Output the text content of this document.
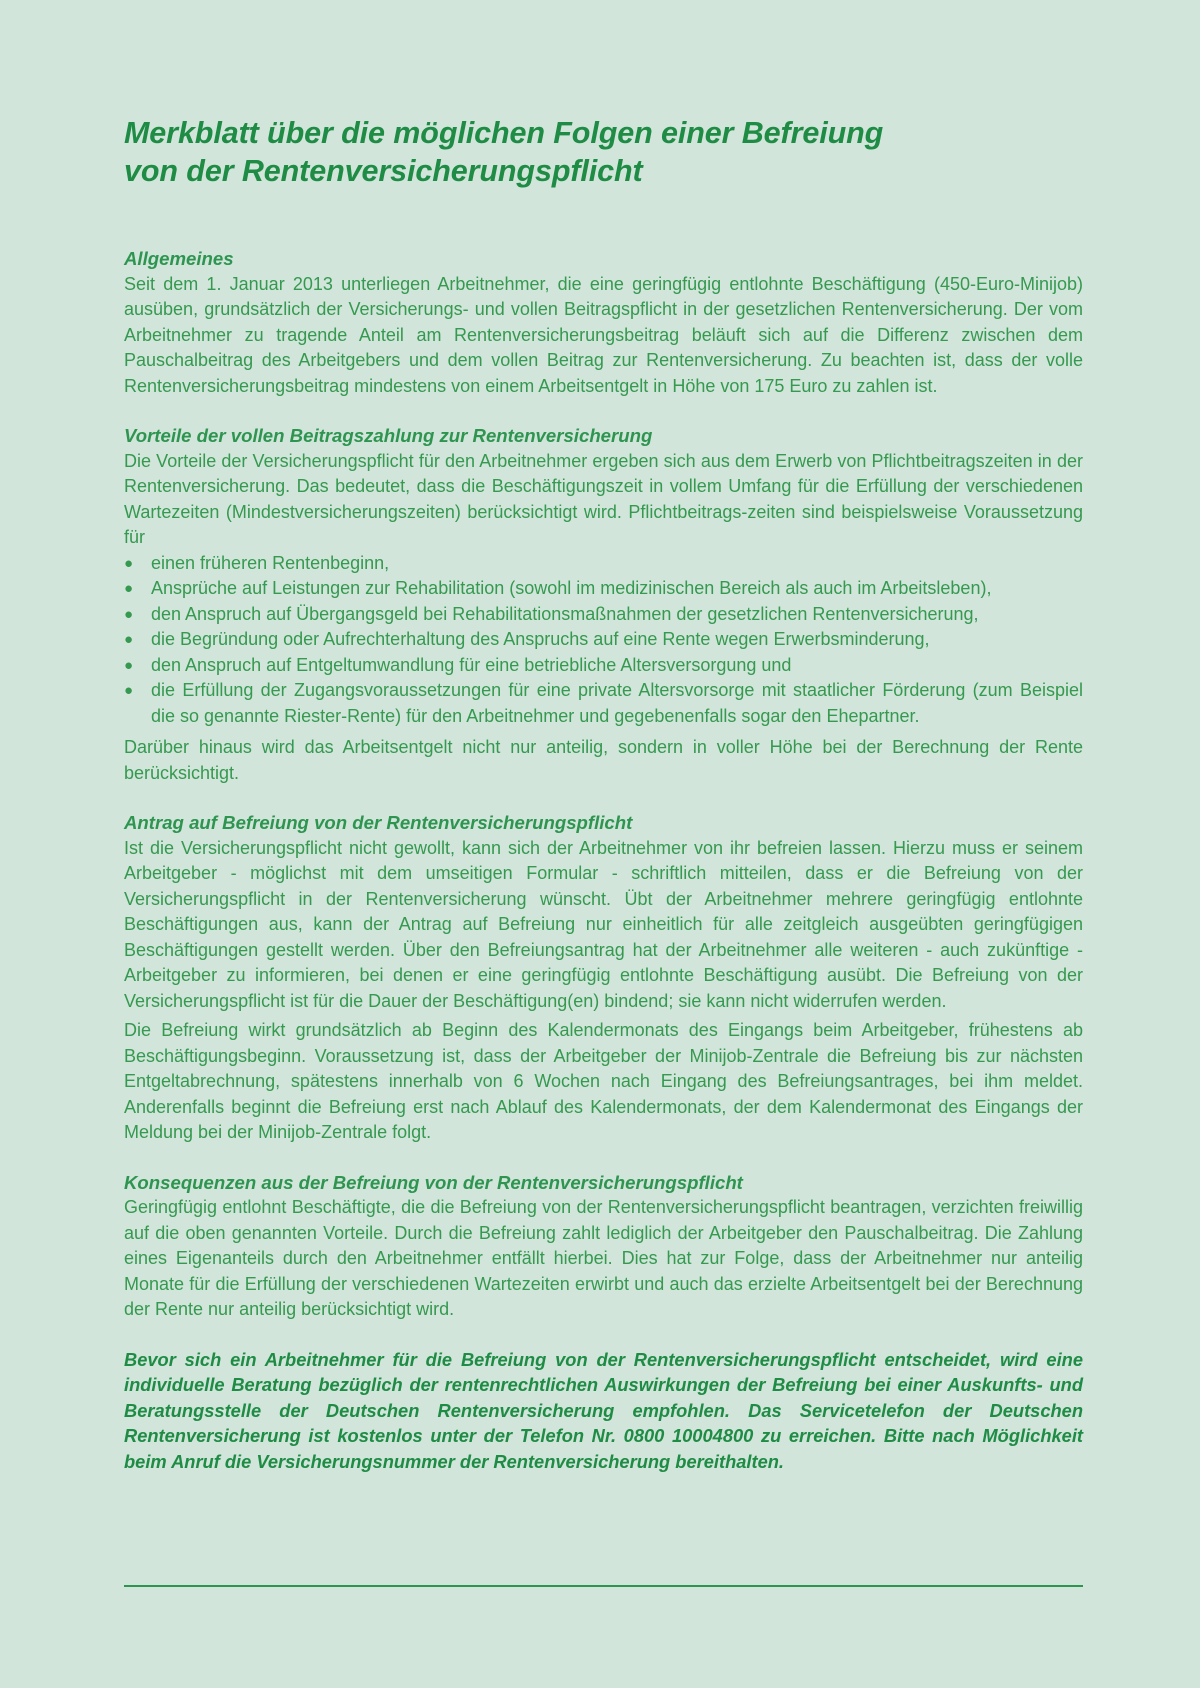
Merkblatt über die möglichen Folgen einer Befreiung
von der Rentenversicherungspflicht
Allgemeines

Seit dem 1. Januar 2013 unterliegen Arbeitnehmer, die eine geringfügig entlohnte Beschäftigung (450-Euro-Minijob) ausüben, grundsätzlich der Versicherungs- und vollen Beitragspflicht in der gesetzlichen Rentenversicherung. Der vom Arbeitnehmer zu tragende Anteil am Rentenversicherungsbeitrag beläuft sich auf die Differenz zwischen dem Pauschalbeitrag des Arbeitgebers und dem vollen Beitrag zur Rentenversicherung. Zu beachten ist, dass der volle Rentenversicherungsbeitrag mindestens von einem Arbeitsentgelt in Höhe von 175 Euro zu zahlen ist.

Vorteile der vollen Beitragszahlung zur Rentenversicherung

Die Vorteile der Versicherungspflicht für den Arbeitnehmer ergeben sich aus dem Erwerb von Pflichtbeitragszeiten in der Rentenversicherung. Das bedeutet, dass die Beschäftigungszeit in vollem Umfang für die Erfüllung der verschiedenen Wartezeiten (Mindestversicherungszeiten) berücksichtigt wird. Pflichtbeitrags-zeiten sind beispielsweise Voraussetzung für

● einen früheren Rentenbeginn,
● Ansprüche auf Leistungen zur Rehabilitation (sowohl im medizinischen Bereich als auch im Arbeitsleben),
● den Anspruch auf Übergangsgeld bei Rehabilitationsmaßnahmen der gesetzlichen Rentenversicherung,
● die Begründung oder Aufrechterhaltung des Anspruchs auf eine Rente wegen Erwerbsminderung,
● den Anspruch auf Entgeltumwandlung für eine betriebliche Altersversorgung und
● die Erfüllung der Zugangsvoraussetzungen für eine private Altersvorsorge mit staatlicher Förderung (zum Beispiel die so genannte Riester-Rente) für den Arbeitnehmer und gegebenenfalls sogar den Ehepartner.

Darüber hinaus wird das Arbeitsentgelt nicht nur anteilig, sondern in voller Höhe bei der Berechnung der Rente berücksichtigt.

Antrag auf Befreiung von der Rentenversicherungspflicht

Ist die Versicherungspflicht nicht gewollt, kann sich der Arbeitnehmer von ihr befreien lassen. Hierzu muss er seinem Arbeitgeber - möglichst mit dem umseitigen Formular - schriftlich mitteilen, dass er die Befreiung von der Versicherungspflicht in der Rentenversicherung wünscht. Übt der Arbeitnehmer mehrere geringfügig entlohnte Beschäftigungen aus, kann der Antrag auf Befreiung nur einheitlich für alle zeitgleich ausgeübten geringfügigen Beschäftigungen gestellt werden. Über den Befreiungsantrag hat der Arbeitnehmer alle weiteren - auch zukünftige - Arbeitgeber zu informieren, bei denen er eine geringfügig entlohnte Beschäftigung ausübt. Die Befreiung von der Versicherungspflicht ist für die Dauer der Beschäftigung(en) bindend; sie kann nicht widerrufen werden.

Die Befreiung wirkt grundsätzlich ab Beginn des Kalendermonats des Eingangs beim Arbeitgeber, frühestens ab Beschäftigungsbeginn. Voraussetzung ist, dass der Arbeitgeber der Minijob-Zentrale die Befreiung bis zur nächsten Entgeltabrechnung, spätestens innerhalb von 6 Wochen nach Eingang des Befreiungsantrages, bei ihm meldet. Anderenfalls beginnt die Befreiung erst nach Ablauf des Kalendermonats, der dem Kalendermonat des Eingangs der Meldung bei der Minijob-Zentrale folgt.

Konsequenzen aus der Befreiung von der Rentenversicherungspflicht

Geringfügig entlohnt Beschäftigte, die die Befreiung von der Rentenversicherungspflicht beantragen, verzichten freiwillig auf die oben genannten Vorteile. Durch die Befreiung zahlt lediglich der Arbeitgeber den Pauschalbeitrag. Die Zahlung eines Eigenanteils durch den Arbeitnehmer entfällt hierbei. Dies hat zur Folge, dass der Arbeitnehmer nur anteilig Monate für die Erfüllung der verschiedenen Wartezeiten erwirbt und auch das erzielte Arbeitsentgelt bei der Berechnung der Rente nur anteilig berücksichtigt wird.

Bevor sich ein Arbeitnehmer für die Befreiung von der Rentenversicherungspflicht entscheidet, wird eine individuelle Beratung bezüglich der rentenrechtlichen Auswirkungen der Befreiung bei einer Auskunfts- und Beratungsstelle der Deutschen Rentenversicherung empfohlen. Das Servicetelefon der Deutschen Rentenversicherung ist kostenlos unter der Telefon Nr. 0800 10004800 zu erreichen. Bitte nach Möglichkeit beim Anruf die Versicherungsnummer der Rentenversicherung bereithalten.
